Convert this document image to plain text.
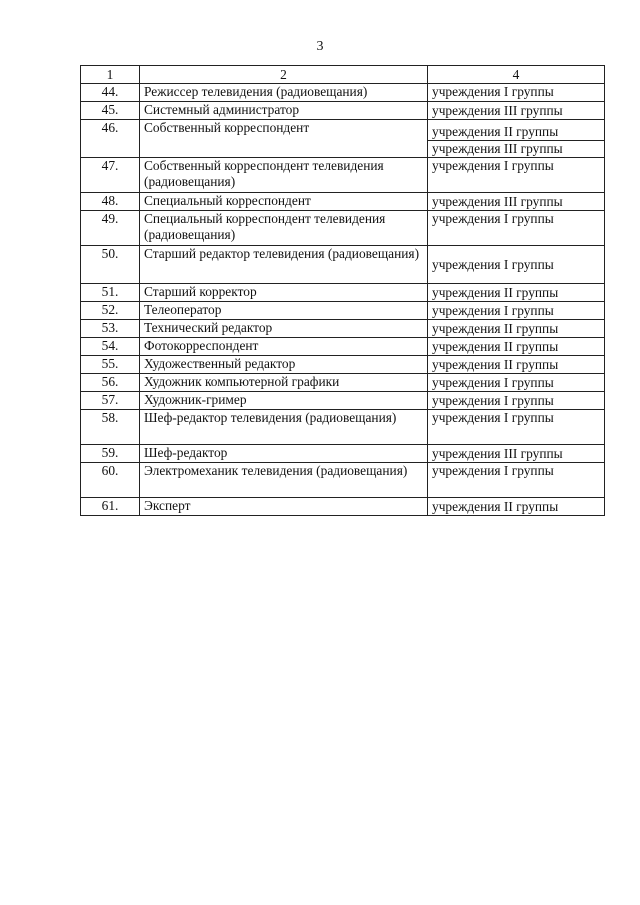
3
1	2	4
44.	Режиссер телевидения (радиовещания)	учреждения I группы
45.	Системный администратор	учреждения III группы
46.	Собственный корреспондент	учреждения II группы
учреждения III группы

47.	Собственный корреспондент телевидения (радиовещания)	учреждения I группы
48.	Специальный корреспондент	учреждения III группы
49.	Специальный корреспондент телевидения (радиовещания)	учреждения I группы
50.	Старший редактор телевидения (радиовещания)	учреждения I группы
51.	Старший корректор	учреждения II группы
52.	Телеоператор	учреждения I группы
53.	Технический редактор	учреждения II группы
54.	Фотокорреспондент	учреждения II группы
55.	Художественный редактор	учреждения II группы
56.	Художник компьютерной графики	учреждения I группы
57.	Художник-гример	учреждения I группы
58.	Шеф-редактор телевидения (радиовещания)	учреждения I группы
59.	Шеф-редактор	учреждения III группы
60.	Электромеханик телевидения (радиовещания)	учреждения I группы
61.	Эксперт	учреждения II группы
